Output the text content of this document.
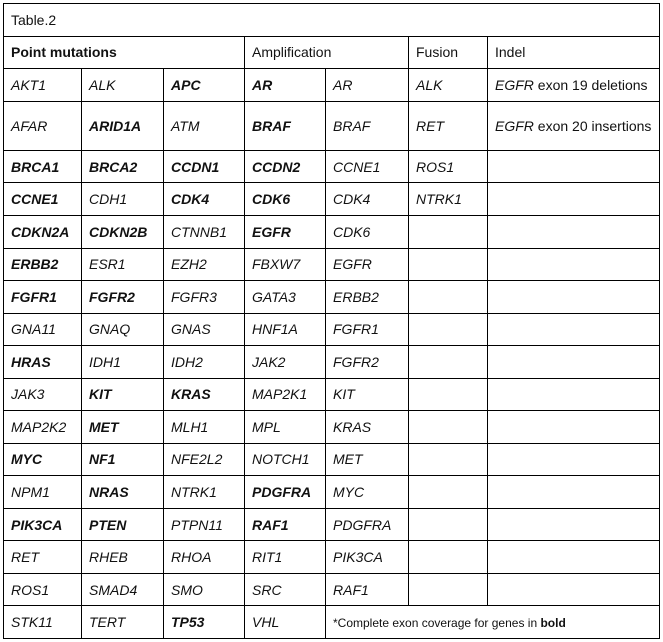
Table.2						
Point mutations			Amplification		Fusion	Indel
AKT1	ALK	APC	AR	AR	ALK	EGFR exon 19 deletions
AFAR	ARID1A	ATM	BRAF	BRAF	RET	EGFR exon 20 insertions
BRCA1	BRCA2	CCDN1	CCDN2	CCNE1	ROS1	
CCNE1	CDH1	CDK4	CDK6	CDK4	NTRK1	
CDKN2A	CDKN2B	CTNNB1	EGFR	CDK6		
ERBB2	ESR1	EZH2	FBXW7	EGFR		
FGFR1	FGFR2	FGFR3	GATA3	ERBB2		
GNA11	GNAQ	GNAS	HNF1A	FGFR1		
HRAS	IDH1	IDH2	JAK2	FGFR2		
JAK3	KIT	KRAS	MAP2K1	KIT		
MAP2K2	MET	MLH1	MPL	KRAS		
MYC	NF1	NFE2L2	NOTCH1	MET		
NPM1	NRAS	NTRK1	PDGFRA	MYC		
PIK3CA	PTEN	PTPN11	RAF1	PDGFRA		
RET	RHEB	RHOA	RIT1	PIK3CA		
ROS1	SMAD4	SMO	SRC	RAF1		
STK11	TERT	TP53	VHL	*Complete exon coverage for genes in bold		
